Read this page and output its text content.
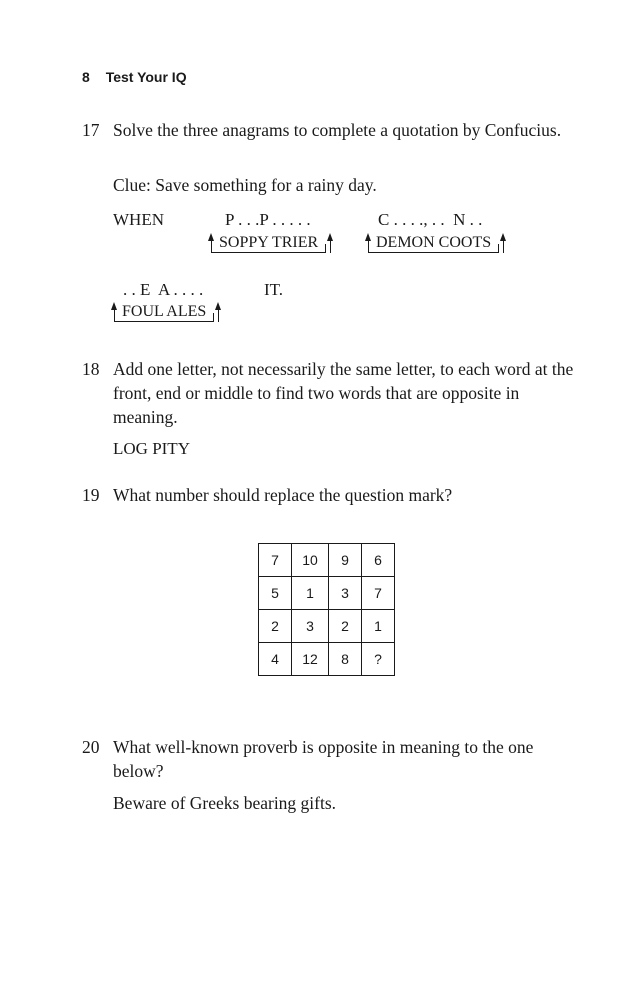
8 Test Your IQ
17 Solve the three anagrams to complete a quotation by Confucius.
Clue: Save something for a rainy day.
WHEN	P . . .P . . . . .	C . . . ., . .  N . .
SOPPY TRIER	DEMON COOTS
. . E  A . . . .	IT.
FOUL ALES
18 Add one letter, not necessarily the same letter, to each word at the front, end or middle to find two words that are opposite in meaning.
LOG PITY
19 What number should replace the question mark?
7	10	9	6
5	1	3	7
2	3	2	1
4	12	8	?
20 What well-known proverb is opposite in meaning to the one below?
Beware of Greeks bearing gifts.
